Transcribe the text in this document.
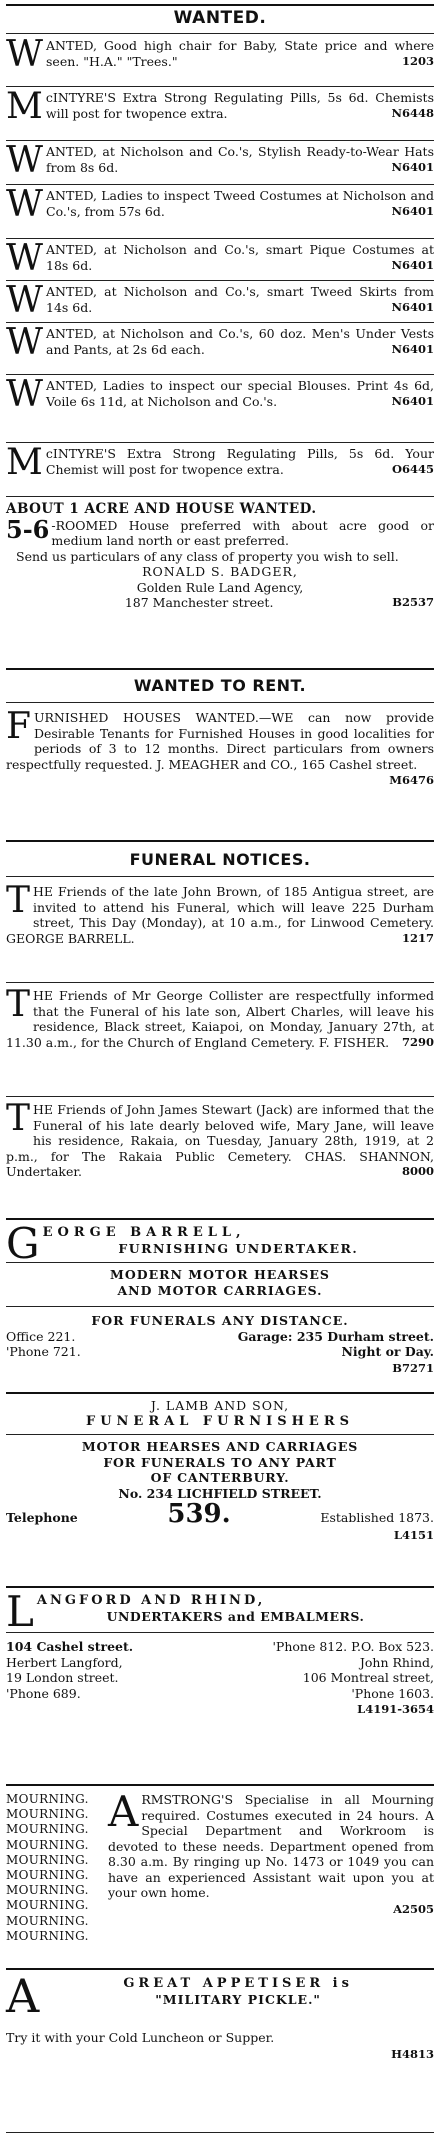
WANTED.

WANTED, Good high chair for Baby, State price and where seen. "H.A." "Trees."	1203

McINTYRE'S Extra Strong Regulating Pills, 5s 6d. Chemists will post for twopence extra.	N6448

WANTED, at Nicholson and Co.'s, Stylish Ready-to-Wear Hats from 8s 6d.	N6401

WANTED, Ladies to inspect Tweed Costumes at Nicholson and Co.'s, from 57s 6d.	N6401

WANTED, at Nicholson and Co.'s, smart Pique Costumes at 18s 6d.	N6401

WANTED, at Nicholson and Co.'s, smart Tweed Skirts from 14s 6d.	N6401

WANTED, at Nicholson and Co.'s, 60 doz. Men's Under Vests and Pants, at 2s 6d each.	N6401

WANTED, Ladies to inspect our special Blouses. Print 4s 6d, Voile 6s 11d, at Nicholson and Co.'s.	N6401

McINTYRE'S Extra Strong Regulating Pills, 5s 6d. Your Chemist will post for twopence extra.	O6445

ABOUT 1 ACRE AND HOUSE WANTED.

5-6 -ROOMED House preferred with about acre good or medium land north or east preferred.

Send us particulars of any class of property you wish to sell.

RONALD S. BADGER,

Golden Rule Land Agency,

187 Manchester street.	B2537

WANTED TO RENT.

FURNISHED HOUSES WANTED.—WE can now provide Desirable Tenants for Furnished Houses in good localities for periods of 3 to 12 months. Direct particulars from owners respectfully requested. J. MEAGHER and CO., 165 Cashel street.

M6476

FUNERAL NOTICES.

THE Friends of the late John Brown, of 185 Antigua street, are invited to attend his Funeral, which will leave 225 Durham street, This Day (Monday), at 10 a.m., for Linwood Cemetery. GEORGE BARRELL.	1217

THE Friends of Mr George Collister are respectfully informed that the Funeral of his late son, Albert Charles, will leave his residence, Black street, Kaiapoi, on Monday, January 27th, at 11.30 a.m., for the Church of England Cemetery. F. FISHER. 7290

THE Friends of John James Stewart (Jack) are informed that the Funeral of his late dearly beloved wife, Mary Jane, will leave his residence, Rakaia, on Tuesday, January 28th, 1919, at 2 p.m., for The Rakaia Public Cemetery. CHAS. SHANNON, Undertaker.	8000

GEORGE BARRELL,

FURNISHING UNDERTAKER.

MODERN MOTOR HEARSES

AND MOTOR CARRIAGES.

FOR FUNERALS ANY DISTANCE.

Office 221.	Garage: 235 Durham street.
'Phone 721.	Night or Day.

B7271

J. LAMB AND SON,

FUNERAL FURNISHERS

MOTOR HEARSES AND CARRIAGES

FOR FUNERALS TO ANY PART

OF CANTERBURY.

No. 234 LICHFIELD STREET.

Telephone	539.	Established 1873.

L4151

LANGFORD AND RHIND,

UNDERTAKERS and EMBALMERS.

104 Cashel street.	'Phone 812. P.O. Box 523.
Herbert Langford,	John Rhind,
19 London street.	106 Montreal street,
'Phone 689.	'Phone 1603.

L4191-3654

MOURNING.
MOURNING.
MOURNING.
MOURNING.
MOURNING.
MOURNING.
MOURNING.
MOURNING.
MOURNING.
MOURNING.

ARMSTRONG'S Specialise in all Mourning required. Costumes executed in 24 hours. A Special Department and Workroom is devoted to these needs. Department opened from 8.30 a.m. By ringing up No. 1473 or 1049 you can have an experienced Assistant wait upon you at your own home.

A2505

A	GREAT APPETISER is
"MILITARY PICKLE."

Try it with your Cold Luncheon or Supper.

H4813
